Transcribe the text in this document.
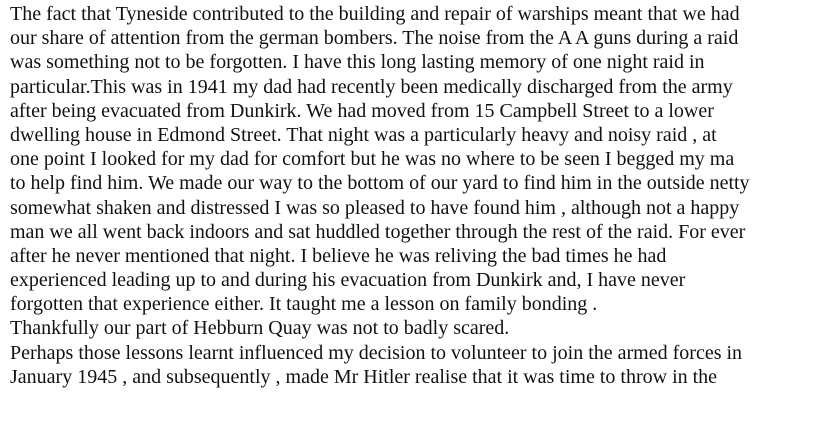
The fact that Tyneside contributed to the building and repair of warships meant that we had
our share of attention from the german bombers. The noise from the A A guns during a raid
was something not to be forgotten. I have this long lasting memory of one night raid in
particular.This was in 1941 my dad had recently been medically discharged from the army
after being evacuated from Dunkirk. We had moved from 15 Campbell Street to a lower
dwelling house in Edmond Street. That night was a particularly heavy and noisy raid , at
one point I looked for my dad for comfort but he was no where to be seen I begged my ma
to help find him. We made our way to the bottom of our yard to find him in the outside netty
somewhat shaken and distressed I was so pleased to have found him , although not a happy
man we all went back indoors and sat huddled together through the rest of the raid. For ever
after he never mentioned that night. I believe he was reliving the bad times he had
experienced leading up to and during his evacuation from Dunkirk and, I have never
forgotten that experience either. It taught me a lesson on family bonding .
Thankfully our part of Hebburn Quay was not to badly scared.
Perhaps those lessons learnt influenced my decision to volunteer to join the armed forces in
January 1945 , and subsequently , made Mr Hitler realise that it was time to throw in the
